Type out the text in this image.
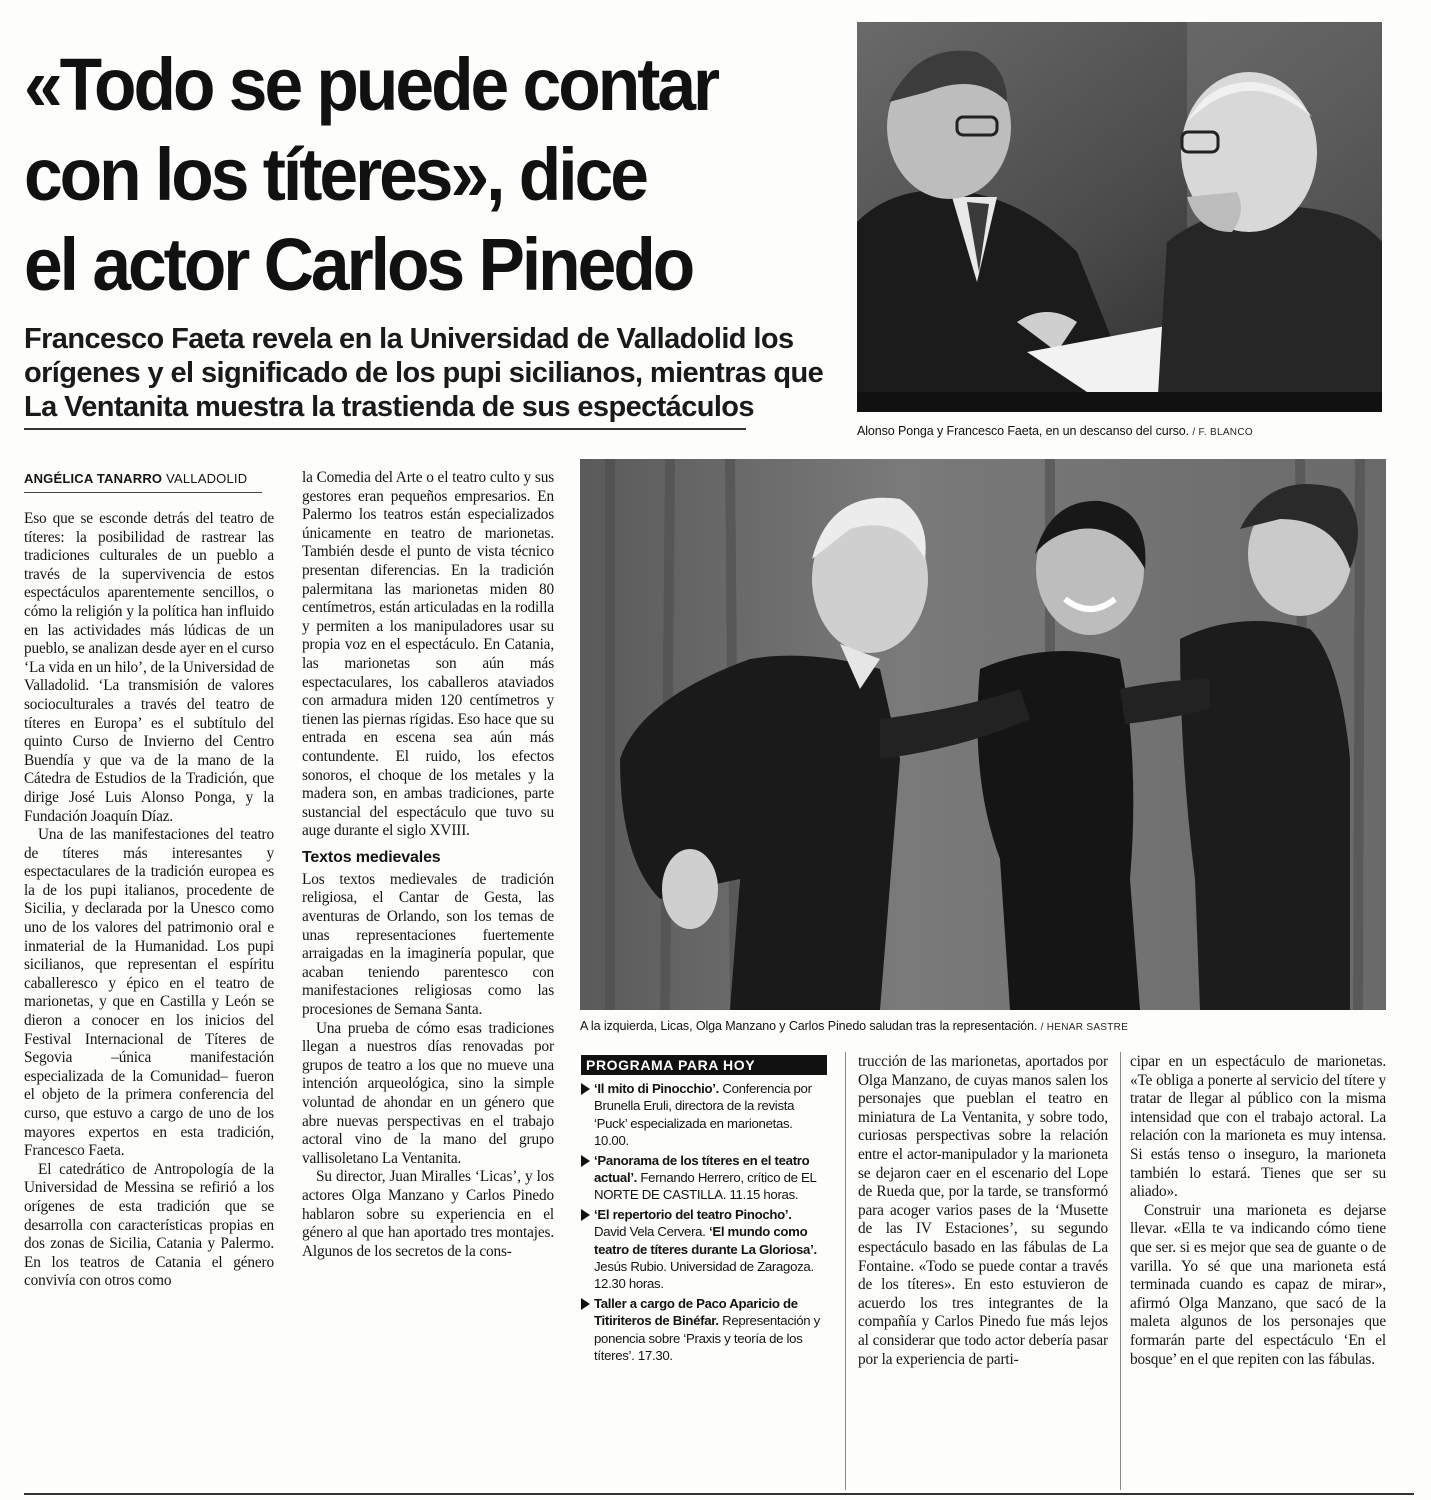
«Todo se puede contar
con los títeres», dice
el actor Carlos Pinedo
Francesco Faeta revela en la Universidad de Valladolid los
orígenes y el significado de los pupi sicilianos, mientras que
La Ventanita muestra la trastienda de sus espectáculos
Alonso Ponga y Francesco Faeta, en un descanso del curso. / F. BLANCO
A la izquierda, Licas, Olga Manzano y Carlos Pinedo saludan tras la representación. / HENAR SASTRE
ANGÉLICA TANARRO VALLADOLID

Eso que se esconde detrás del teatro de títeres: la posibilidad de rastrear las tradiciones culturales de un pueblo a través de la supervivencia de estos espectáculos aparentemente sencillos, o cómo la religión y la política han influido en las actividades más lúdicas de un pueblo, se analizan desde ayer en el curso ‘La vida en un hilo’, de la Universidad de Valladolid. ‘La transmisión de valores socioculturales a través del teatro de títeres en Europa’ es el subtítulo del quinto Curso de Invierno del Centro Buendía y que va de la mano de la Cátedra de Estudios de la Tradición, que dirige José Luis Alonso Ponga, y la Fundación Joaquín Díaz.

Una de las manifestaciones del teatro de títeres más interesantes y espectaculares de la tradición europea es la de los pupi italianos, procedente de Sicilia, y declarada por la Unesco como uno de los valores del patrimonio oral e inmaterial de la Humanidad. Los pupi sicilianos, que representan el espíritu caballeresco y épico en el teatro de marionetas, y que en Castilla y León se dieron a conocer en los inicios del Festival Internacional de Títeres de Segovia –única manifestación especializada de la Comunidad– fueron el objeto de la primera conferencia del curso, que estuvo a cargo de uno de los mayores expertos en esta tradición, Francesco Faeta.

El catedrático de Antropología de la Universidad de Messina se refirió a los orígenes de esta tradición que se desarrolla con características propias en dos zonas de Sicilia, Catania y Palermo. En los teatros de Catania el género convivía con otros como

la Comedia del Arte o el teatro culto y sus gestores eran pequeños empresarios. En Palermo los teatros están especializados únicamente en teatro de marionetas. También desde el punto de vista técnico presentan diferencias. En la tradición palermitana las marionetas miden 80 centímetros, están articuladas en la rodilla y permiten a los manipuladores usar su propia voz en el espectáculo. En Catania, las marionetas son aún más espectaculares, los caballeros ataviados con armadura miden 120 centímetros y tienen las piernas rígidas. Eso hace que su entrada en escena sea aún más contundente. El ruido, los efectos sonoros, el choque de los metales y la madera son, en ambas tradiciones, parte sustancial del espectáculo que tuvo su auge durante el siglo XVIII.

Textos medievales

Los textos medievales de tradición religiosa, el Cantar de Gesta, las aventuras de Orlando, son los temas de unas representaciones fuertemente arraigadas en la imaginería popular, que acaban teniendo parentesco con manifestaciones religiosas como las procesiones de Semana Santa.

Una prueba de cómo esas tradiciones llegan a nuestros días renovadas por grupos de teatro a los que no mueve una intención arqueológica, sino la simple voluntad de ahondar en un género que abre nuevas perspectivas en el trabajo actoral vino de la mano del grupo vallisoletano La Ventanita.

Su director, Juan Miralles ‘Licas’, y los actores Olga Manzano y Carlos Pinedo hablaron sobre su experiencia en el género al que han aportado tres montajes. Algunos de los secretos de la cons-

PROGRAMA PARA HOY
‘Il mito di Pinocchio’. Conferencia por Brunella Eruli, directora de la revista ‘Puck’ especializada en marionetas. 10.00.
‘Panorama de los títeres en el teatro actual’. Fernando Herrero, crítico de EL NORTE DE CASTILLA. 11.15 horas.
‘El repertorio del teatro Pinocho’. David Vela Cervera. ‘El mundo como teatro de títeres durante La Gloriosa’. Jesús Rubio. Universidad de Zaragoza. 12.30 horas.
Taller a cargo de Paco Aparicio de Titiriteros de Binéfar. Representación y ponencia sobre ‘Praxis y teoría de los títeres’. 17.30.

trucción de las marionetas, aportados por Olga Manzano, de cuyas manos salen los personajes que pueblan el teatro en miniatura de La Ventanita, y sobre todo, curiosas perspectivas sobre la relación entre el actor-manipulador y la marioneta se dejaron caer en el escenario del Lope de Rueda que, por la tarde, se transformó para acoger varios pases de la ‘Musette de las IV Estaciones’, su segundo espectáculo basado en las fábulas de La Fontaine. «Todo se puede contar a través de los títeres». En esto estuvieron de acuerdo los tres integrantes de la compañía y Carlos Pinedo fue más lejos al considerar que todo actor debería pasar por la experiencia de parti-

cipar en un espectáculo de marionetas. «Te obliga a ponerte al servicio del títere y tratar de llegar al público con la misma intensidad que con el trabajo actoral. La relación con la marioneta es muy intensa. Si estás tenso o inseguro, la marioneta también lo estará. Tienes que ser su aliado».

Construir una marioneta es dejarse llevar. «Ella te va indicando cómo tiene que ser. si es mejor que sea de guante o de varilla. Yo sé que una marioneta está terminada cuando es capaz de mirar», afirmó Olga Manzano, que sacó de la maleta algunos de los personajes que formarán parte del espectáculo ‘En el bosque’ en el que repiten con las fábulas.
